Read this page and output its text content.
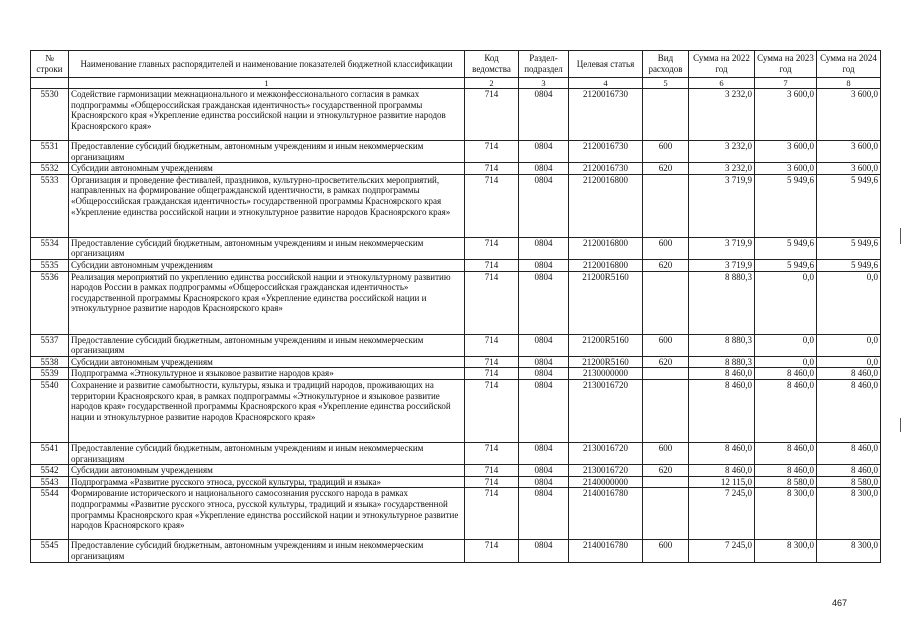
№ строки	Наименование главных распорядителей и наименование показателей бюджетной классификации	Код ведомства	Раздел-подраздел	Целевая статья	Вид расходов	Сумма на 2022 год	Сумма на 2023 год	Сумма на 2024 год
	1	2	3	4	5	6	7	8
5530	Содействие гармонизации межнационального и межконфессионального согласия в рамках подпрограммы «Общероссийская гражданская идентичность» государственной программы Красноярского края «Укрепление единства российской нации и этнокультурное развитие народов Красноярского края»	714	0804	2120016730		3 232,0	3 600,0	3 600,0
5531	Предоставление субсидий бюджетным, автономным учреждениям и иным некоммерческим организациям	714	0804	2120016730	600	3 232,0	3 600,0	3 600,0
5532	Субсидии автономным учреждениям	714	0804	2120016730	620	3 232,0	3 600,0	3 600,0
5533	Организация и проведение фестивалей, праздников, культурно-просветительских мероприятий, направленных на формирование общегражданской идентичности, в рамках подпрограммы «Общероссийская гражданская идентичность» государственной программы Красноярского края «Укрепление единства российской нации и этнокультурное развитие народов Красноярского края»	714	0804	2120016800		3 719,9	5 949,6	5 949,6
5534	Предоставление субсидий бюджетным, автономным учреждениям и иным некоммерческим организациям	714	0804	2120016800	600	3 719,9	5 949,6	5 949,6
5535	Субсидии автономным учреждениям	714	0804	2120016800	620	3 719,9	5 949,6	5 949,6
5536	Реализация мероприятий по укреплению единства российской нации и этнокультурному развитию народов России в рамках подпрограммы «Общероссийская гражданская идентичность» государственной программы Красноярского края «Укрепление единства российской нации и этнокультурное развитие народов Красноярского края»	714	0804	21200R5160		8 880,3	0,0	0,0
5537	Предоставление субсидий бюджетным, автономным учреждениям и иным некоммерческим организациям	714	0804	21200R5160	600	8 880,3	0,0	0,0
5538	Субсидии автономным учреждениям	714	0804	21200R5160	620	8 880,3	0,0	0,0
5539	Подпрограмма «Этнокультурное и языковое развитие народов края»	714	0804	2130000000		8 460,0	8 460,0	8 460,0
5540	Сохранение и развитие самобытности, культуры, языка и традиций народов, проживающих на территории Красноярского края, в рамках подпрограммы «Этнокультурное и языковое развитие народов края» государственной программы Красноярского края «Укрепление единства российской нации и этнокультурное развитие народов Красноярского края»	714	0804	2130016720		8 460,0	8 460,0	8 460,0
5541	Предоставление субсидий бюджетным, автономным учреждениям и иным некоммерческим организациям	714	0804	2130016720	600	8 460,0	8 460,0	8 460,0
5542	Субсидии автономным учреждениям	714	0804	2130016720	620	8 460,0	8 460,0	8 460,0
5543	Подпрограмма «Развитие русского этноса, русской культуры, традиций и языка»	714	0804	2140000000		12 115,0	8 580,0	8 580,0
5544	Формирование исторического и национального самосознания русского народа в рамках подпрограммы «Развитие русского этноса, русской культуры, традиций и языка» государственной программы Красноярского края «Укрепление единства российской нации и этнокультурное развитие народов Красноярского края»	714	0804	2140016780		7 245,0	8 300,0	8 300,0
5545	Предоставление субсидий бюджетным, автономным учреждениям и иным некоммерческим организациям	714	0804	2140016780	600	7 245,0	8 300,0	8 300,0
467
